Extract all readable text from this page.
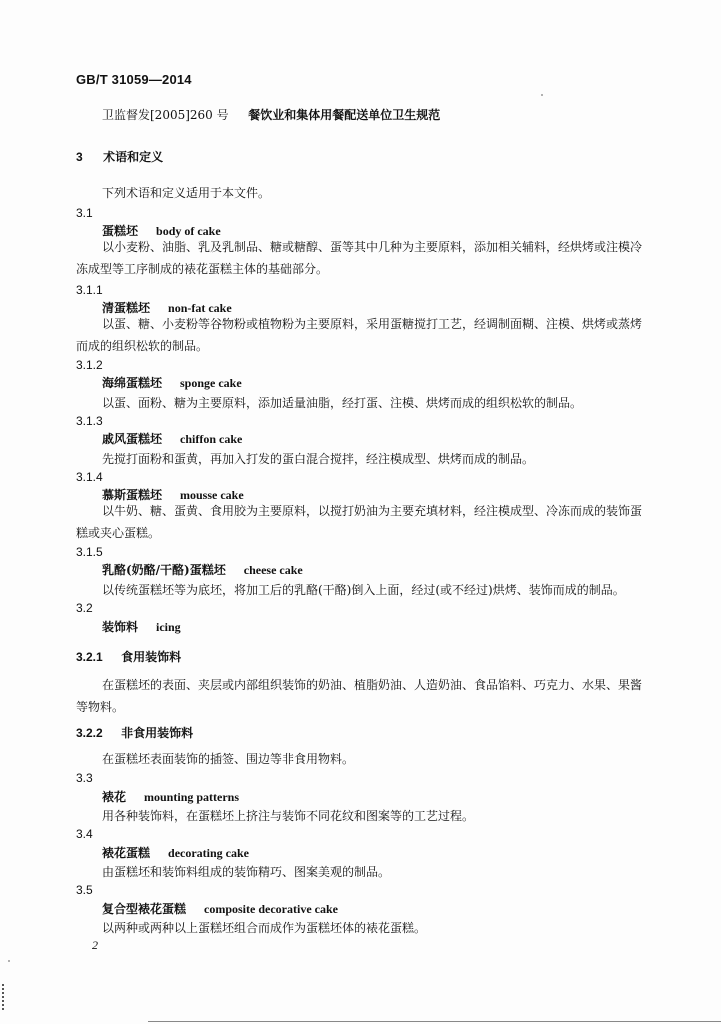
GB/T 31059—2014
卫监督发[2005]260 号 餐饮业和集体用餐配送单位卫生规范
3 术语和定义
下列术语和定义适用于本文件。
3.1
蛋糕坯 body of cake
以小麦粉、油脂、乳及乳制品、糖或糖醇、蛋等其中几种为主要原料，添加相关辅料，经烘烤或注模冷冻成型等工序制成的裱花蛋糕主体的基础部分。
3.1.1
清蛋糕坯 non-fat cake
以蛋、糖、小麦粉等谷物粉或植物粉为主要原料，采用蛋糖搅打工艺，经调制面糊、注模、烘烤或蒸烤而成的组织松软的制品。
3.1.2
海绵蛋糕坯 sponge cake
以蛋、面粉、糖为主要原料，添加适量油脂，经打蛋、注模、烘烤而成的组织松软的制品。
3.1.3
戚风蛋糕坯 chiffon cake
先搅打面粉和蛋黄，再加入打发的蛋白混合搅拌，经注模成型、烘烤而成的制品。
3.1.4
慕斯蛋糕坯 mousse cake
以牛奶、糖、蛋黄、食用胶为主要原料，以搅打奶油为主要充填材料，经注模成型、冷冻而成的装饰蛋糕或夹心蛋糕。
3.1.5
乳酪(奶酪/干酪)蛋糕坯 cheese cake
以传统蛋糕坯等为底坯，将加工后的乳酪(干酪)倒入上面，经过(或不经过)烘烤、装饰而成的制品。
3.2
装饰料 icing
3.2.1 食用装饰料
在蛋糕坯的表面、夹层或内部组织装饰的奶油、植脂奶油、人造奶油、食品馅料、巧克力、水果、果酱等物料。
3.2.2 非食用装饰料
在蛋糕坯表面装饰的插签、围边等非食用物料。
3.3
裱花 mounting patterns
用各种装饰料，在蛋糕坯上挤注与装饰不同花纹和图案等的工艺过程。
3.4
裱花蛋糕 decorating cake
由蛋糕坯和装饰料组成的装饰精巧、图案美观的制品。
3.5
复合型裱花蛋糕 composite decorative cake
以两种或两种以上蛋糕坯组合而成作为蛋糕坯体的裱花蛋糕。
2
